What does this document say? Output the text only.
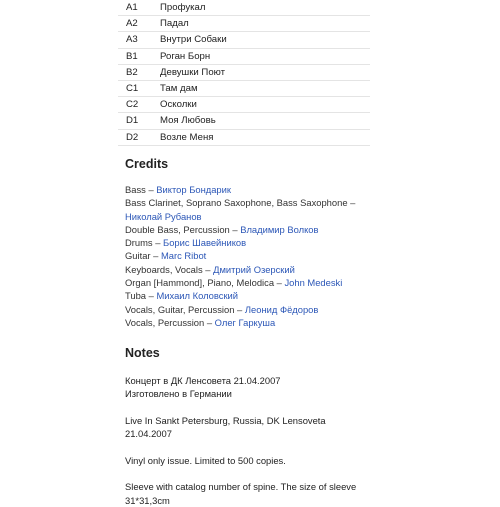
A1	Профукал
A2	Падал
A3	Внутри Собаки
B1	Роган Борн
B2	Девушки Поют
C1	Там дам
C2	Осколки
D1	Моя Любовь
D2	Возле Меня
Credits
Bass – Виктор Бондарик
Bass Clarinet, Soprano Saxophone, Bass Saxophone – Николай Рубанов
Double Bass, Percussion – Владимир Волков
Drums – Борис Шавейников
Guitar – Marc Ribot
Keyboards, Vocals – Дмитрий Озерский
Organ [Hammond], Piano, Melodica – John Medeski
Tuba – Михаил Коловский
Vocals, Guitar, Percussion – Леонид Фёдоров
Vocals, Percussion – Олег Гаркуша
Notes
Концерт в ДК Ленсовета 21.04.2007
Изготовлено в Германии

Live In Sankt Petersburg, Russia, DK Lensoveta 21.04.2007

Vinyl only issue. Limited to 500 copies.

Sleeve with catalog number of spine. The size of sleeve 31*31,3cm
